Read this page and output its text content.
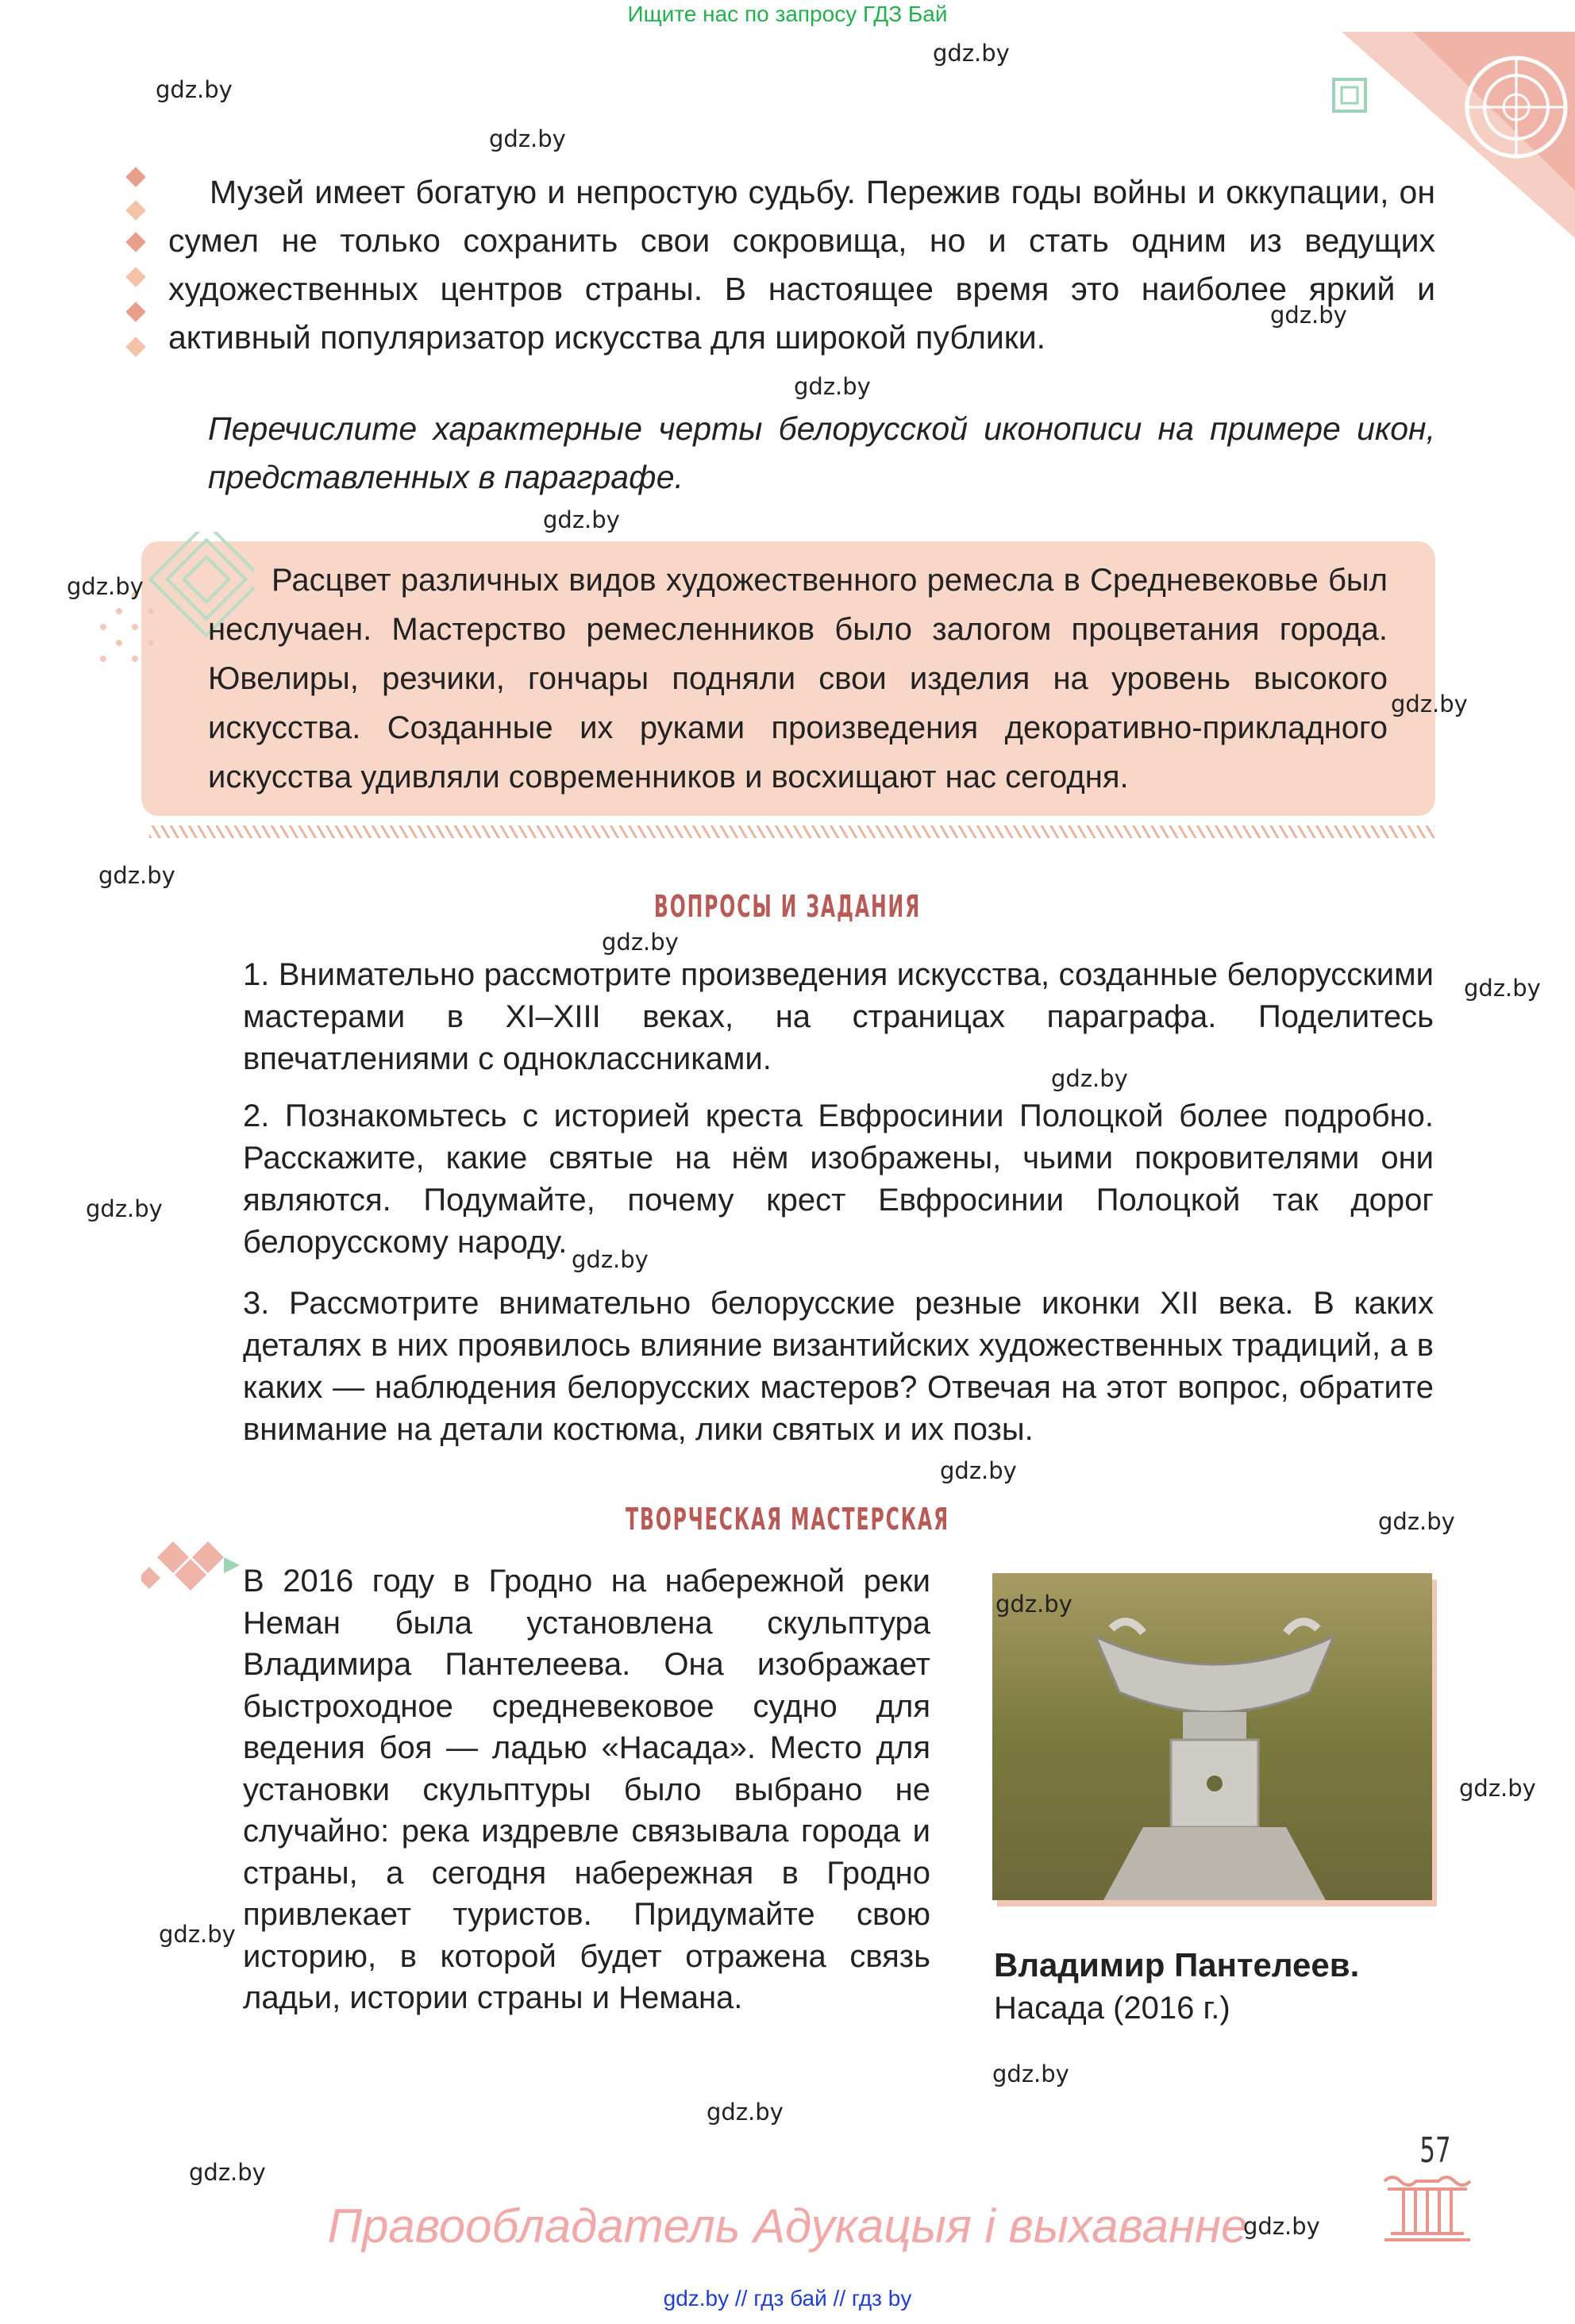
Ищите нас по запросу ГДЗ Бай

Музей имеет богатую и непростую судьбу. Пережив годы войны и оккупации, он сумел не только сохранить свои сокровища, но и стать одним из ведущих художественных центров страны. В настоящее время это наиболее яркий и активный популяризатор искусства для широкой публики.

Перечислите характерные черты белорусской иконописи на примере икон, представленных в параграфе.

Расцвет различных видов художественного ремесла в Средневековье был неслучаен. Мастерство ремесленников было залогом процветания города. Ювелиры, резчики, гончары подняли свои изделия на уровень высокого искусства. Созданные их руками произведения декоративно-прикладного искусства удивляли современников и восхищают нас сегодня.

ВОПРОСЫ И ЗАДАНИЯ

1. Внимательно рассмотрите произведения искусства, созданные белорусскими мастерами в XI–XIII веках, на страницах параграфа. Поделитесь впечатлениями с одноклассниками.

2. Познакомьтесь с историей креста Евфросинии Полоцкой более подробно. Расскажите, какие святые на нём изображены, чьими покровителями они являются. Подумайте, почему крест Евфросинии Полоцкой так дорог белорусскому народу.

3. Рассмотрите внимательно белорусские резные иконки XII века. В каких деталях в них проявилось влияние византийских художественных традиций, а в каких — наблюдения белорусских мастеров? Отвечая на этот вопрос, обратите внимание на детали костюма, лики святых и их позы.

ТВОРЧЕСКАЯ МАСТЕРСКАЯ

В 2016 году в Гродно на набережной реки Неман была установлена скульптура Владимира Пантелеева. Она изображает быстроходное средневековое судно для ведения боя — ладью «Насада». Место для установки скульптуры было выбрано не случайно: река издревле связывала города и страны, а сегодня набережная в Гродно привлекает туристов. Придумайте свою историю, в которой будет отражена связь ладьи, истории страны и Немана.

Владимир Пантелеев.
Насада (2016 г.)
57
Правообладатель Адукацыя і выхаванне
gdz.by // гдз бай // гдз by
gdz.by
gdz.by
gdz.by
gdz.by
gdz.by
gdz.by
gdz.by
gdz.by
gdz.by
gdz.by
gdz.by
gdz.by
gdz.by
gdz.by
gdz.by
gdz.by
gdz.by
gdz.by
gdz.by
gdz.by
gdz.by
gdz.by
gdz.by
